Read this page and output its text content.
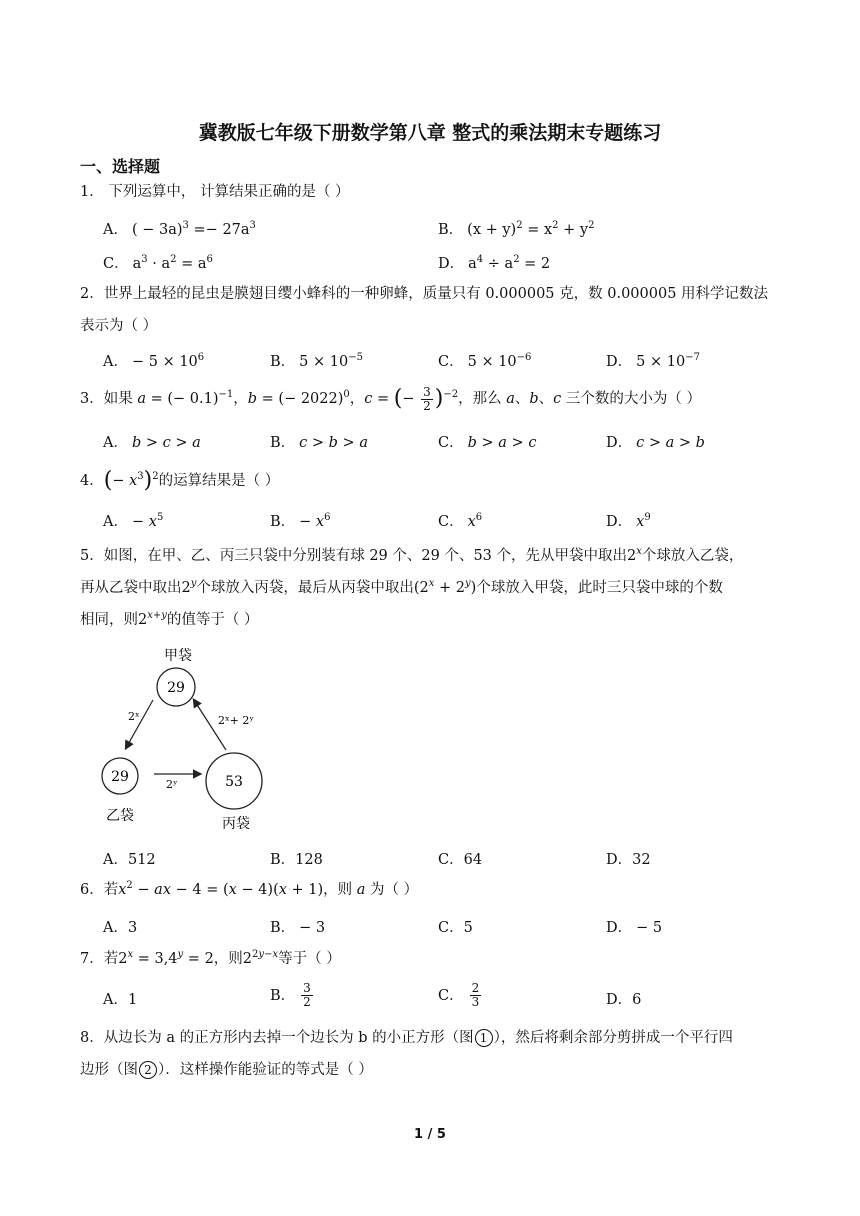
冀教版七年级下册数学第八章 整式的乘法期末专题练习
一、选择题
1． 下列运算中， 计算结果正确的是（ ）
A． ( − $3a)^3 =- 27a^3$	B． $(x + y)^2 = x^2 + y^2$
C． $a^3 \cdot a^2 = a^6$	D． $a^4 \div a^2 = 2$
2．世界上最轻的昆虫是膜翅目缨小蜂科的一种卵蜂，质量只有 0.000005 克，数 0.000005 用科学记数法表示为（ ）
A． − $5 \times 10^6$	B． $5 \times 10^{-5}$	C． $5 \times 10^{-6}$	D． $5 \times 10^{-7}$
3．如果 a = (− 0.1)$^{-1}$，b = (− 2022)$^0$，c = (− $\frac{3}{2} )^{-2}$，那么 a、b、c 三个数的大小为（ ）
A． b > c > a	B． c > b > a	C． b > a > c	D． c > a > b
4．(− $x^3)^2$的运算结果是（ ）
A． − $x^5$	B． − $x^6$	C． $x^6$	D． $x^9$
5．如图，在甲、乙、丙三只袋中分别装有球 29 个、29 个、53 个，先从甲袋中取出2$^x$个球放入乙袋，
再从乙袋中取出2$^y$个球放入丙袋，最后从丙袋中取出$(2^x + 2^y)$个球放入甲袋，此时三只袋中球的个数
相同，则$2^{x+y}$的值等于（ ）
甲袋
29
29
乙袋
53
丙袋
2ˣ
2ʸ
2ˣ+ 2ʸ
A．512	B．128	C．64	D．32
6．若$x^2$ − ax − 4 = (x − 4)(x + 1)，则 a 为（ ）
A．3	B． − 3	C．5	D． − 5
7．若$2^x = 3,4^y = 2$，则$2^{2y-x}$等于（ ）
A．1	B． $\frac{3}{2}$	C． $\frac{2}{3}$	D．6
8．从边长为 a 的正方形内去掉一个边长为 b 的小正方形（图 1 ），然后将剩余部分剪拼成一个平行四
边形（图 2 ）．这样操作能验证的等式是（ ）
1 / 5
